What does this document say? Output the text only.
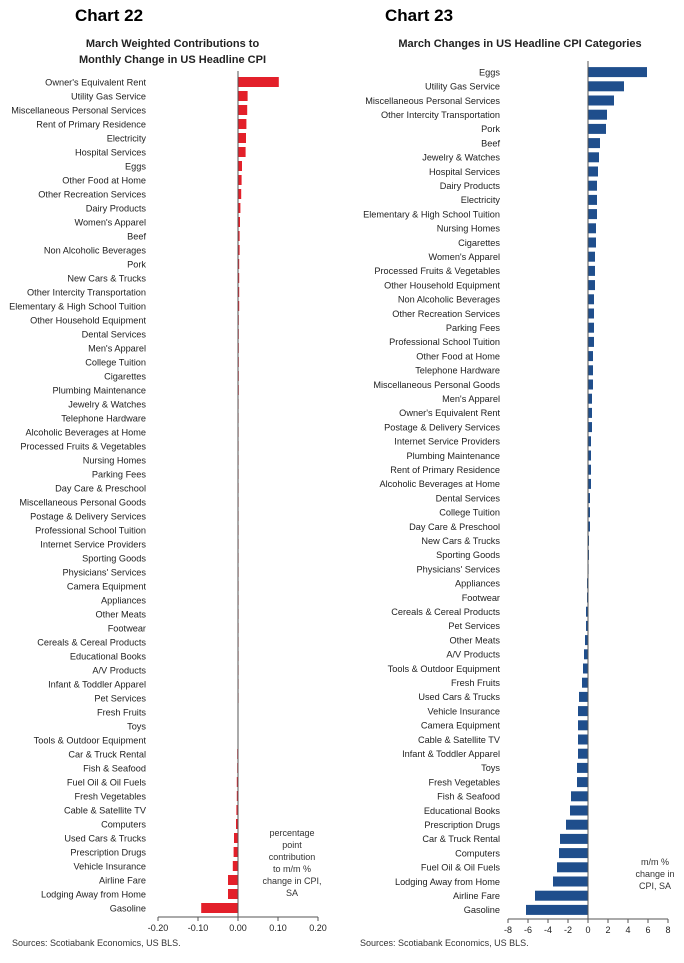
Chart 22	Chart 23
March Weighted Contributions to
Monthly Change in US Headline CPI
March Changes in US Headline CPI Categories
Owner's Equivalent Rent
Utility Gas Service
Miscellaneous Personal Services
Rent of Primary Residence
Electricity
Hospital Services
Eggs
Other Food at Home
Other Recreation Services
Dairy Products
Women's Apparel
Beef
Non Alcoholic Beverages
Pork
New Cars & Trucks
Other Intercity Transportation
Elementary & High School Tuition
Other Household Equipment
Dental Services
Men's Apparel
College Tuition
Cigarettes
Plumbing Maintenance
Jewelry & Watches
Telephone Hardware
Alcoholic Beverages at Home
Processed Fruits & Vegetables
Nursing Homes
Parking Fees
Day Care & Preschool
Miscellaneous Personal Goods
Postage & Delivery Services
Professional School Tuition
Internet Service Providers
Sporting Goods
Physicians' Services
Camera Equipment
Appliances
Other Meats
Footwear
Cereals & Cereal Products
Educational Books
A/V Products
Infant & Toddler Apparel
Pet Services
Fresh Fruits
Toys
Tools & Outdoor Equipment
Car & Truck Rental
Fish & Seafood
Fuel Oil & Oil Fuels
Fresh Vegetables
Cable & Satellite TV
Computers
Used Cars & Trucks
Prescription Drugs
Vehicle Insurance
Airline Fare
Lodging Away from Home
Gasoline
-0.20 -0.10 0.00 0.10 0.20
percentage
point
contribution
to m/m %
change in CPI,
SA
Eggs
Utility Gas Service
Miscellaneous Personal Services
Other Intercity Transportation
Pork
Beef
Jewelry & Watches
Hospital Services
Dairy Products
Electricity
Elementary & High School Tuition
Nursing Homes
Cigarettes
Women's Apparel
Processed Fruits & Vegetables
Other Household Equipment
Non Alcoholic Beverages
Other Recreation Services
Parking Fees
Professional School Tuition
Other Food at Home
Telephone Hardware
Miscellaneous Personal Goods
Men's Apparel
Owner's Equivalent Rent
Postage & Delivery Services
Internet Service Providers
Plumbing Maintenance
Rent of Primary Residence
Alcoholic Beverages at Home
Dental Services
College Tuition
Day Care & Preschool
New Cars & Trucks
Sporting Goods
Physicians' Services
Appliances
Footwear
Cereals & Cereal Products
Pet Services
Other Meats
A/V Products
Tools & Outdoor Equipment
Fresh Fruits
Used Cars & Trucks
Vehicle Insurance
Camera Equipment
Cable & Satellite TV
Infant & Toddler Apparel
Toys
Fresh Vegetables
Fish & Seafood
Educational Books
Prescription Drugs
Car & Truck Rental
Computers
Fuel Oil & Oil Fuels
Lodging Away from Home
Airline Fare
Gasoline
-8 -6 -4 -2 0 2 4 6 8
m/m %
change in
CPI, SA
Sources: Scotiabank Economics, US BLS.	Sources: Scotiabank Economics, US BLS.
